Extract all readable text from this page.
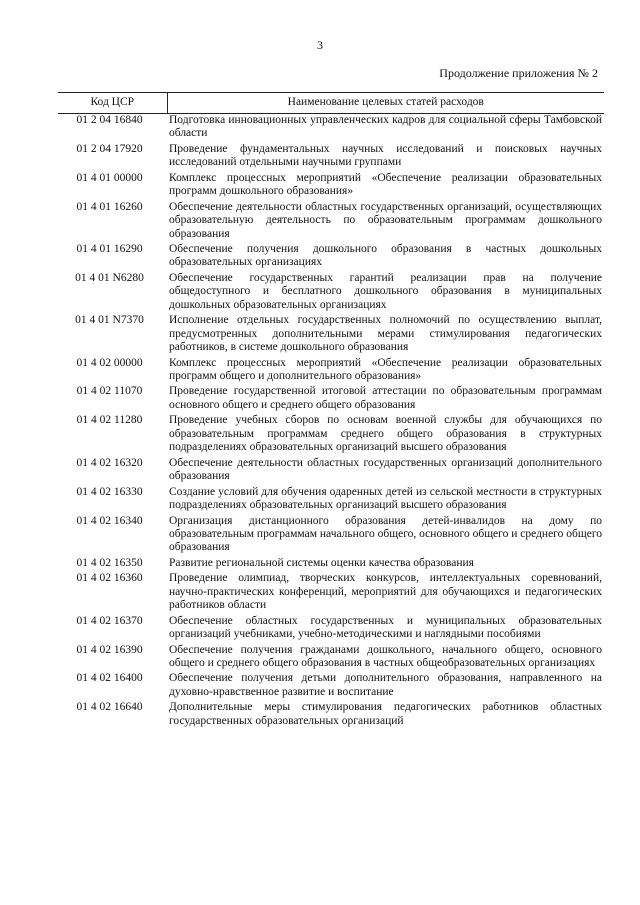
3
Продолжение приложения № 2
Код ЦСР	Наименование целевых статей расходов
01 2 04 16840	Подготовка инновационных управленческих кадров для социальной сферы Тамбовской области
01 2 04 17920	Проведение фундаментальных научных исследований и поисковых научных исследований отдельными научными группами
01 4 01 00000	Комплекс процессных мероприятий «Обеспечение реализации образовательных программ дошкольного образования»
01 4 01 16260	Обеспечение деятельности областных государственных организаций, осуществляющих образовательную деятельность по образовательным программам дошкольного образования
01 4 01 16290	Обеспечение получения дошкольного образования в частных дошкольных образовательных организациях
01 4 01 N6280	Обеспечение государственных гарантий реализации прав на получение общедоступного и бесплатного дошкольного образования в муниципальных дошкольных образовательных организациях
01 4 01 N7370	Исполнение отдельных государственных полномочий по осуществлению выплат, предусмотренных дополнительными мерами стимулирования педагогических работников, в системе дошкольного образования
01 4 02 00000	Комплекс процессных мероприятий «Обеспечение реализации образовательных программ общего и дополнительного образования»
01 4 02 11070	Проведение государственной итоговой аттестации по образовательным программам основного общего и среднего общего образования
01 4 02 11280	Проведение учебных сборов по основам военной службы для обучающихся по образовательным программам среднего общего образования в структурных подразделениях образовательных организаций высшего образования
01 4 02 16320	Обеспечение деятельности областных государственных организаций дополнительного образования
01 4 02 16330	Создание условий для обучения одаренных детей из сельской местности в структурных подразделениях образовательных организаций высшего образования
01 4 02 16340	Организация дистанционного образования детей-инвалидов на дому по образовательным программам начального общего, основного общего и среднего общего образования
01 4 02 16350	Развитие региональной системы оценки качества образования
01 4 02 16360	Проведение олимпиад, творческих конкурсов, интеллектуальных соревнований, научно-практических конференций, мероприятий для обучающихся и педагогических работников области
01 4 02 16370	Обеспечение областных государственных и муниципальных образовательных организаций учебниками, учебно-методическими и наглядными пособиями
01 4 02 16390	Обеспечение получения гражданами дошкольного, начального общего, основного общего и среднего общего образования в частных общеобразовательных организациях
01 4 02 16400	Обеспечение получения детьми дополнительного образования, направленного на духовно-нравственное развитие и воспитание
01 4 02 16640	Дополнительные меры стимулирования педагогических работников областных государственных образовательных организаций
